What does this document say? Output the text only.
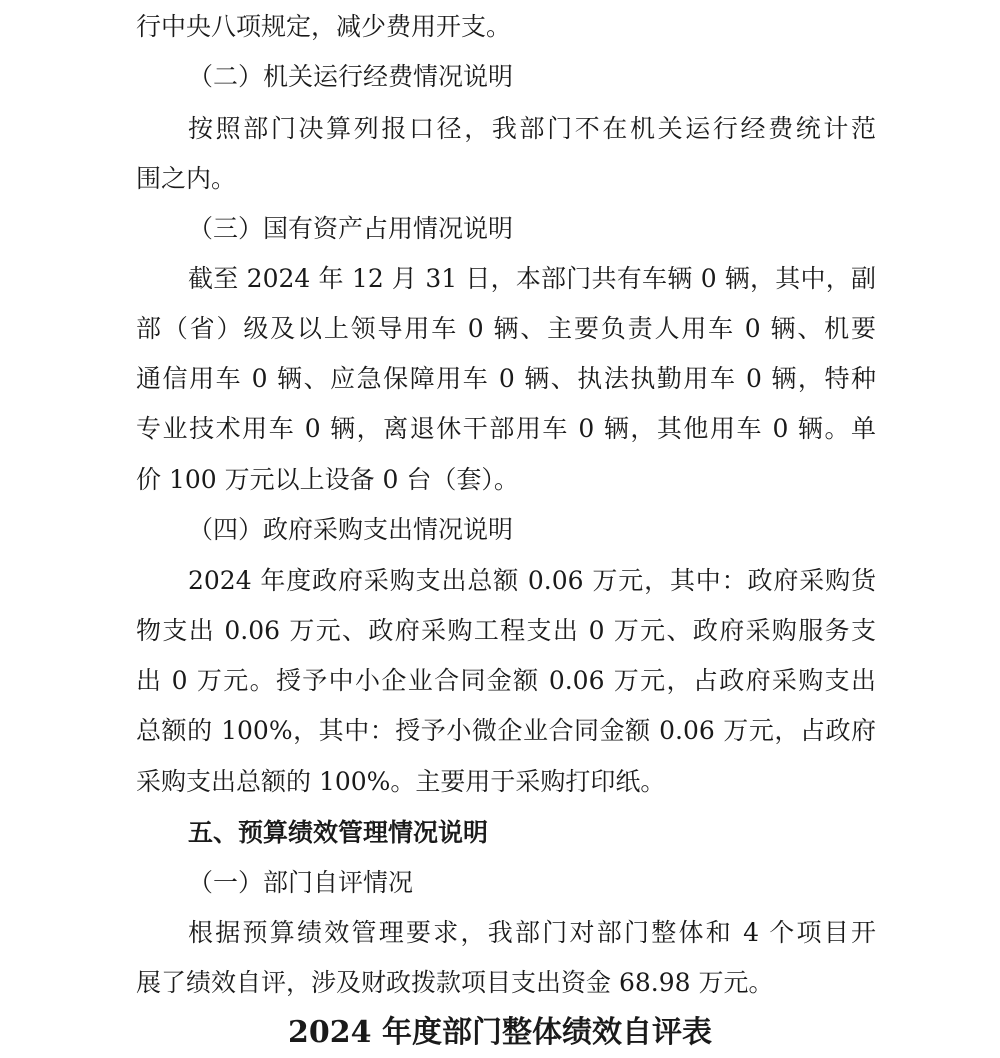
行中央八项规定，减少费用开支。
（二）机关运行经费情况说明
按照部门决算列报口径，我部门不在机关运行经费统计范
围之内。
（三）国有资产占用情况说明
截至 2024 年 12 月 31 日，本部门共有车辆 0 辆，其中，副
部（省）级及以上领导用车 0 辆、主要负责人用车 0 辆、机要
通信用车 0 辆、应急保障用车 0 辆、执法执勤用车 0 辆，特种
专业技术用车 0 辆，离退休干部用车 0 辆，其他用车 0 辆。单
价 100 万元以上设备 0 台（套）。
（四）政府采购支出情况说明
2024 年度政府采购支出总额 0.06 万元，其中：政府采购货
物支出 0.06 万元、政府采购工程支出 0 万元、政府采购服务支
出 0 万元。授予中小企业合同金额 0.06 万元，占政府采购支出
总额的 100%，其中：授予小微企业合同金额 0.06 万元，占政府
采购支出总额的 100%。主要用于采购打印纸。
五、预算绩效管理情况说明
（一）部门自评情况
根据预算绩效管理要求，我部门对部门整体和 4 个项目开
展了绩效自评，涉及财政拨款项目支出资金 68.98 万元。
2024 年度部门整体绩效自评表
